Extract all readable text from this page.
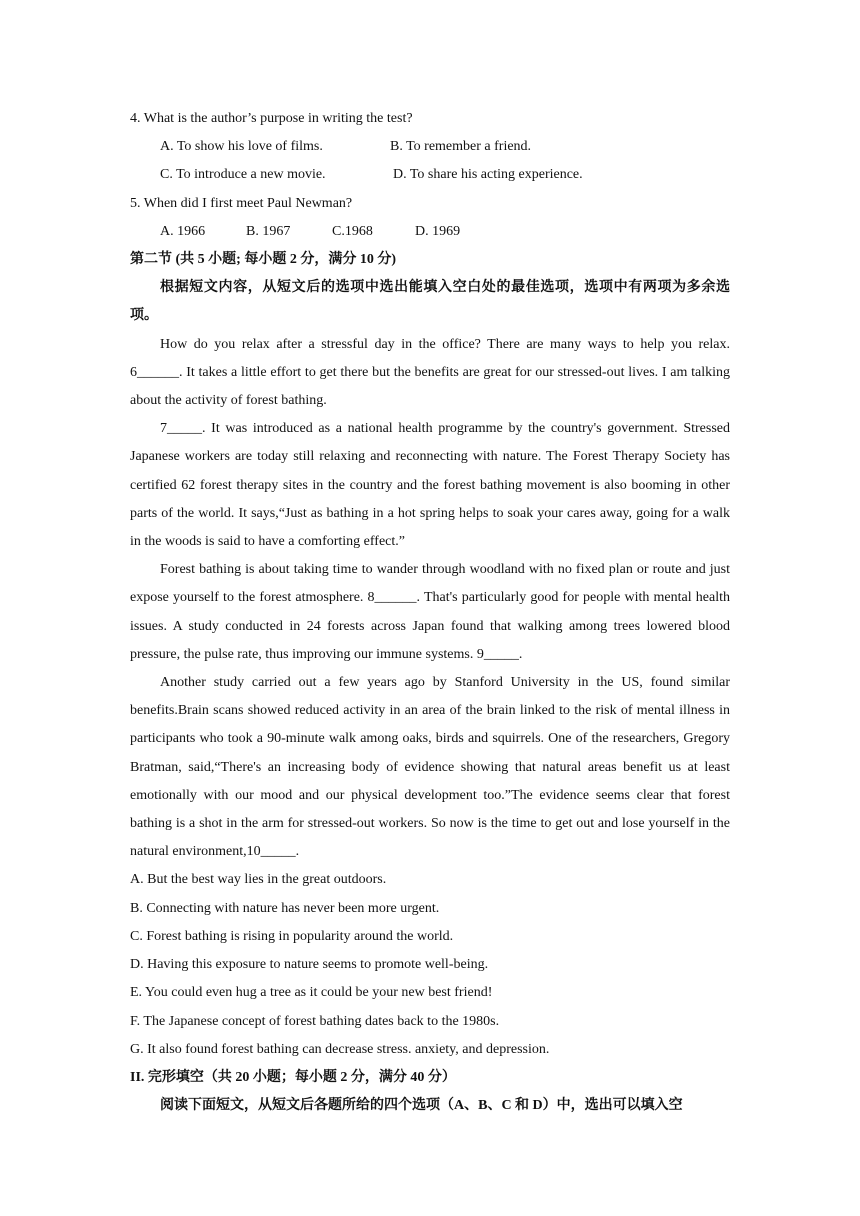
4. What is the author’s purpose in writing the test?
A. To show his love of films.	B. To remember a friend.
C. To introduce a new movie.	D. To share his acting experience.
5. When did I first meet Paul Newman?
A. 1966	B. 1967	C.1968	D. 1969
第二节 (共 5 小题; 每小题 2 分，满分 10 分)

根据短文内容，从短文后的选项中选出能填入空白处的最佳选项，选项中有两项为多余选项。

How do you relax after a stressful day in the office? There are many ways to help you relax. 6______. It takes a little effort to get there but the benefits are great for our stressed-out lives. I am talking about the activity of forest bathing.

7_____. It was introduced as a national health programme by the country's government. Stressed Japanese workers are today still relaxing and reconnecting with nature. The Forest Therapy Society has certified 62 forest therapy sites in the country and the forest bathing movement is also booming in other parts of the world. It says,“Just as bathing in a hot spring helps to soak your cares away, going for a walk in the woods is said to have a comforting effect.”

Forest bathing is about taking time to wander through woodland with no fixed plan or route and just expose yourself to the forest atmosphere. 8______. That's particularly good for people with mental health issues. A study conducted in 24 forests across Japan found that walking among trees lowered blood pressure, the pulse rate, thus improving our immune systems. 9_____.

Another study carried out a few years ago by Stanford University in the US, found similar benefits.Brain scans showed reduced activity in an area of the brain linked to the risk of mental illness in participants who took a 90-minute walk among oaks, birds and squirrels. One of the researchers, Gregory Bratman, said,“There's an increasing body of evidence showing that natural areas benefit us at least emotionally with our mood and our physical development too.”The evidence seems clear that forest bathing is a shot in the arm for stressed-out workers. So now is the time to get out and lose yourself in the natural environment,10_____.

A. But the best way lies in the great outdoors.
B. Connecting with nature has never been more urgent.
C. Forest bathing is rising in popularity around the world.
D. Having this exposure to nature seems to promote well-being.
E. You could even hug a tree as it could be your new best friend!
F. The Japanese concept of forest bathing dates back to the 1980s.
G. It also found forest bathing can decrease stress. anxiety, and depression.
II. 完形填空（共 20 小题；每小题 2 分，满分 40 分）
阅读下面短文，从短文后各题所给的四个选项（A、B、C 和 D）中，选出可以填入空
